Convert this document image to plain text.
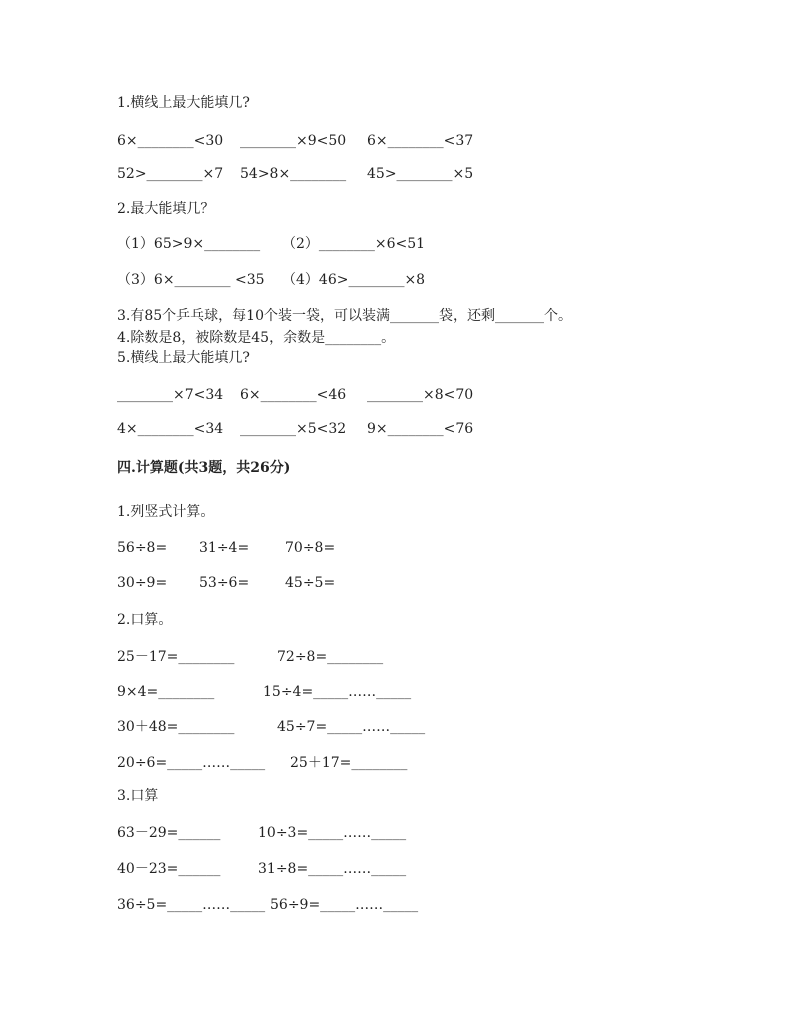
1.横线上最大能填几?
6×________<30 ________×9<50 6×________<37
52>________×7 54>8×________ 45>________×5
2.最大能填几？
（1）65>9×________ （2）________×6<51
（3）6×________ <35 （4）46>________×8
3.有85个乒乓球，每10个装一袋，可以装满_______袋，还剩_______个。
4.除数是8，被除数是45，余数是________。
5.横线上最大能填几?
________×7<34 6×________<46 ________×8<70
4×________<34 ________×5<32 9×________<76
四.计算题(共3题，共26分)
1.列竖式计算。
56÷8= 31÷4=	70÷8=
30÷9= 53÷6=	45÷5=
2.口算。
25－17=________	72÷8=________
9×4=________	15÷4=_____……_____
30＋48=________	45÷7=_____……_____
20÷6=_____……_____ 25＋17=________
3.口算
63－29=______	10÷3=_____……_____
40－23=______	31÷8=_____……_____
36÷5=_____……_____ 56÷9=_____……_____
